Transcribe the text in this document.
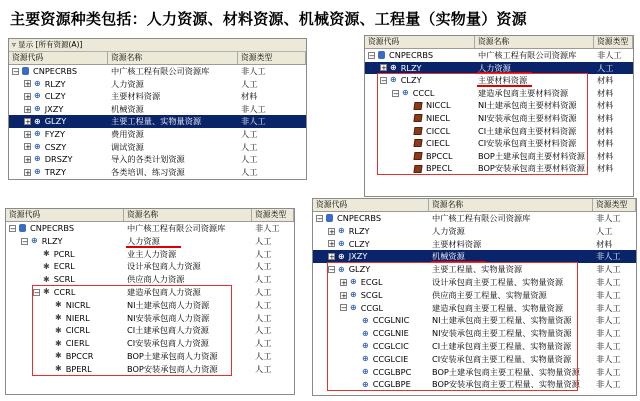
主要资源种类包括：人力资源、材料资源、机械资源、工程量（实物量）资源
▿ 显示 [所有资源(A)]
资源代码	资源名称	资源类型
− CNPECRBS	中广核工程有限公司资源库	非人工
+ ⊕ RLZY	人力资源	人工
+ ⊕ CLZY	主要材料资源	材料
+ ⊕ JXZY	机械资源	非人工
+ ⊕ GLZY	主要工程量、实物量资源	非人工
+ ⊕ FYZY	费用资源	人工
+ ⊕ CSZY	调试资源	人工
+ ⊕ DRSZY	导入的各类计划资源	人工
+ ⊕ TRZY	各类培训、练习资源	人工
资源代码	资源名称	资源类型
− CNPECRBS	中广核工程有限公司资源库	非人工
+ ⊕ RLZY	人力资源	人工
− ⊕ CLZY	主要材料资源	材料
− ⊕ CCCL	建造承包商主要材料资源	材料
NICCL	NI土建承包商主要材料资源	材料
NIECL	NI安装承包商主要材料资源	材料
CICCL	CI土建承包商主要材料资源	材料
CIECL	CI安装承包商主要材料资源	材料
BPCCL	BOP土建承包商主要材料资源	材料
BPECL	BOP安装承包商主要材料资源	材料
资源代码	资源名称	资源类型
− CNPECRBS	中广核工程有限公司资源库	非人工
− ⊕ RLZY	人力资源	人工
✱ PCRL	业主人力资源	人工
✱ ECRL	设计承包商人力资源	人工
✱ SCRL	供应商人力资源	人工
− ✱ CCRL	建造承包商人力资源	人工
✱ NICRL	NI土建承包商人力资源	人工
✱ NIERL	NI安装承包商人力资源	人工
✱ CICRL	CI土建承包商人力资源	人工
✱ CIERL	CI安装承包商人力资源	人工
✱ BPCCR	BOP土建承包商人力资源	人工
✱ BPERL	BOP安装承包商人力资源	人工
资源代码	资源名称	资源类型
− CNPECRBS	中广核工程有限公司资源库	非人工
+ ⊕ RLZY	人力资源	人工
+ ⊕ CLZY	主要材料资源	材料
+ ⊕ JXZY	机械资源	非人工
− ⊕ GLZY	主要工程量、实物量资源	非人工
+ ⊕ ECGL	设计承包商主要工程量、实物量资源	非人工
+ ⊕ SCGL	供应商主要工程量、实物量资源	非人工
− ⊕ CCGL	建造承包商主要工程量、实物量资源	非人工
⊕ CCGLNIC	NI土建承包商主要工程量、实物量资源	非人工
⊕ CCGLNIE	NI安装承包商主要工程量、实物量资源	非人工
⊕ CCGLCIC	CI土建承包商主要工程量、实物量资源	非人工
⊕ CCGLCIE	CI安装承包商主要工程量、实物量资源	非人工
⊕ CCGLBPC	BOP土建承包商主要工程量、实物量资源	非人工
⊕ CCGLBPE	BOP安装承包商主要工程量、实物量资源	非人工
